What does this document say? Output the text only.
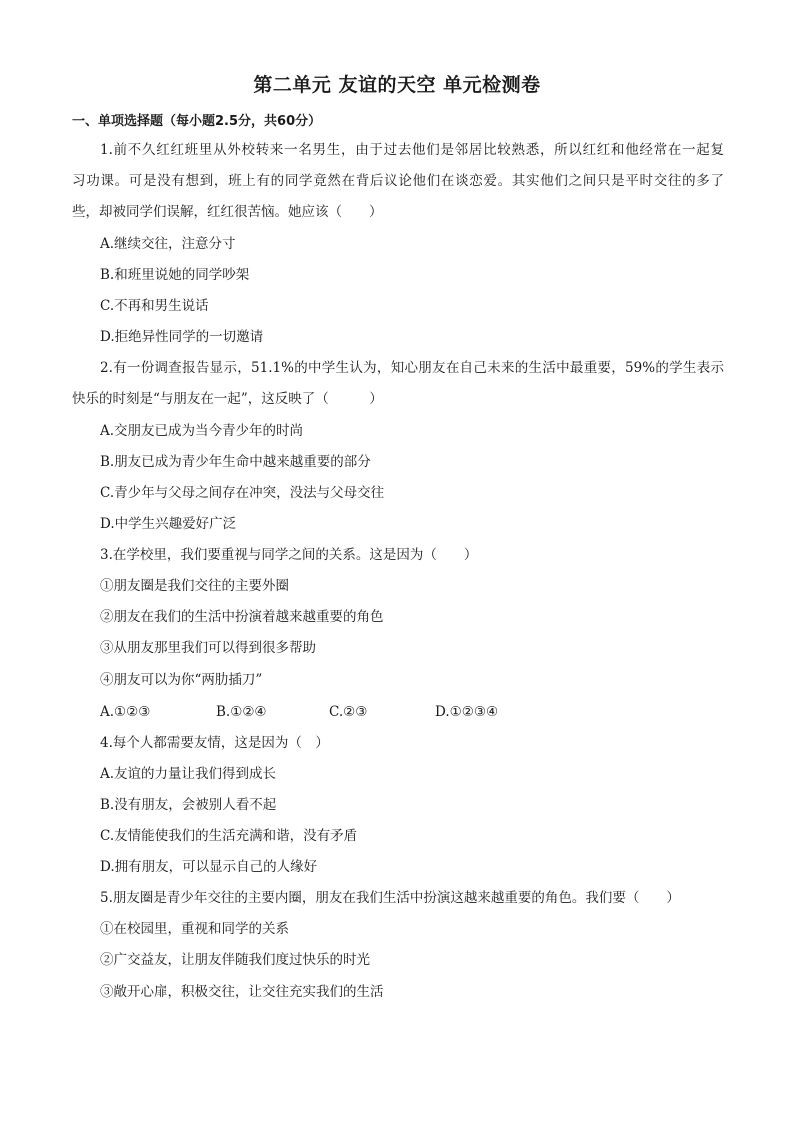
第二单元 友谊的天空 单元检测卷

一、单项选择题（每小题2.5分，共60分）

1.前不久红红班里从外校转来一名男生，由于过去他们是邻居比较熟悉，所以红红和他经常在一起复

习功课。可是没有想到，班上有的同学竟然在背后议论他们在谈恋爱。其实他们之间只是平时交往的多了

些，却被同学们误解，红红很苦恼。她应该（　　）

A.继续交往，注意分寸

B.和班里说她的同学吵架

C.不再和男生说话

D.拒绝异性同学的一切邀请

2.有一份调查报告显示，51.1%的中学生认为，知心朋友在自己未来的生活中最重要，59%的学生表示

快乐的时刻是“与朋友在一起”，这反映了（　　　）

A.交朋友已成为当今青少年的时尚

B.朋友已成为青少年生命中越来越重要的部分

C.青少年与父母之间存在冲突，没法与父母交往

D.中学生兴趣爱好广泛

3.在学校里，我们要重视与同学之间的关系。这是因为（　　）

①朋友圈是我们交往的主要外圈

②朋友在我们的生活中扮演着越来越重要的角色

③从朋友那里我们可以得到很多帮助

④朋友可以为你“两肋插刀”

A.①②③	B.①②④	C.②③	D.①②③④

4.每个人都需要友情，这是因为（　）

A.友谊的力量让我们得到成长

B.没有朋友，会被别人看不起

C.友情能使我们的生活充满和谐，没有矛盾

D.拥有朋友，可以显示自己的人缘好

5.朋友圈是青少年交往的主要内圈，朋友在我们生活中扮演这越来越重要的角色。我们要（　　）

①在校园里，重视和同学的关系

②广交益友，让朋友伴随我们度过快乐的时光

③敞开心扉，积极交往，让交往充实我们的生活
